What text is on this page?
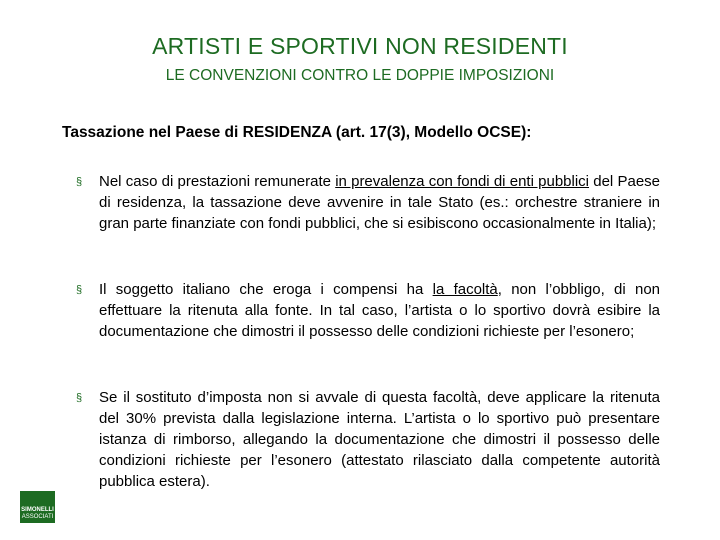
ARTISTI E SPORTIVI NON RESIDENTI
LE CONVENZIONI CONTRO LE DOPPIE IMPOSIZIONI
Tassazione nel Paese di RESIDENZA (art. 17(3), Modello OCSE):
§ Nel caso di prestazioni remunerate in prevalenza con fondi di enti pubblici del Paese di residenza, la tassazione deve avvenire in tale Stato (es.: orchestre straniere in gran parte finanziate con fondi pubblici, che si esibiscono occasionalmente in Italia);
§ Il soggetto italiano che eroga i compensi ha la facoltà, non l’obbligo, di non effettuare la ritenuta alla fonte. In tal caso, l’artista o lo sportivo dovrà esibire la documentazione che dimostri il possesso delle condizioni richieste per l’esonero;
§ Se il sostituto d’imposta non si avvale di questa facoltà, deve applicare la ritenuta del 30% prevista dalla legislazione interna. L’artista o lo sportivo può presentare istanza di rimborso, allegando la documentazione che dimostri il possesso delle condizioni richieste per l’esonero (attestato rilasciato dalla competente autorità pubblica estera).
SIMONELLI
ASSOCIATI
